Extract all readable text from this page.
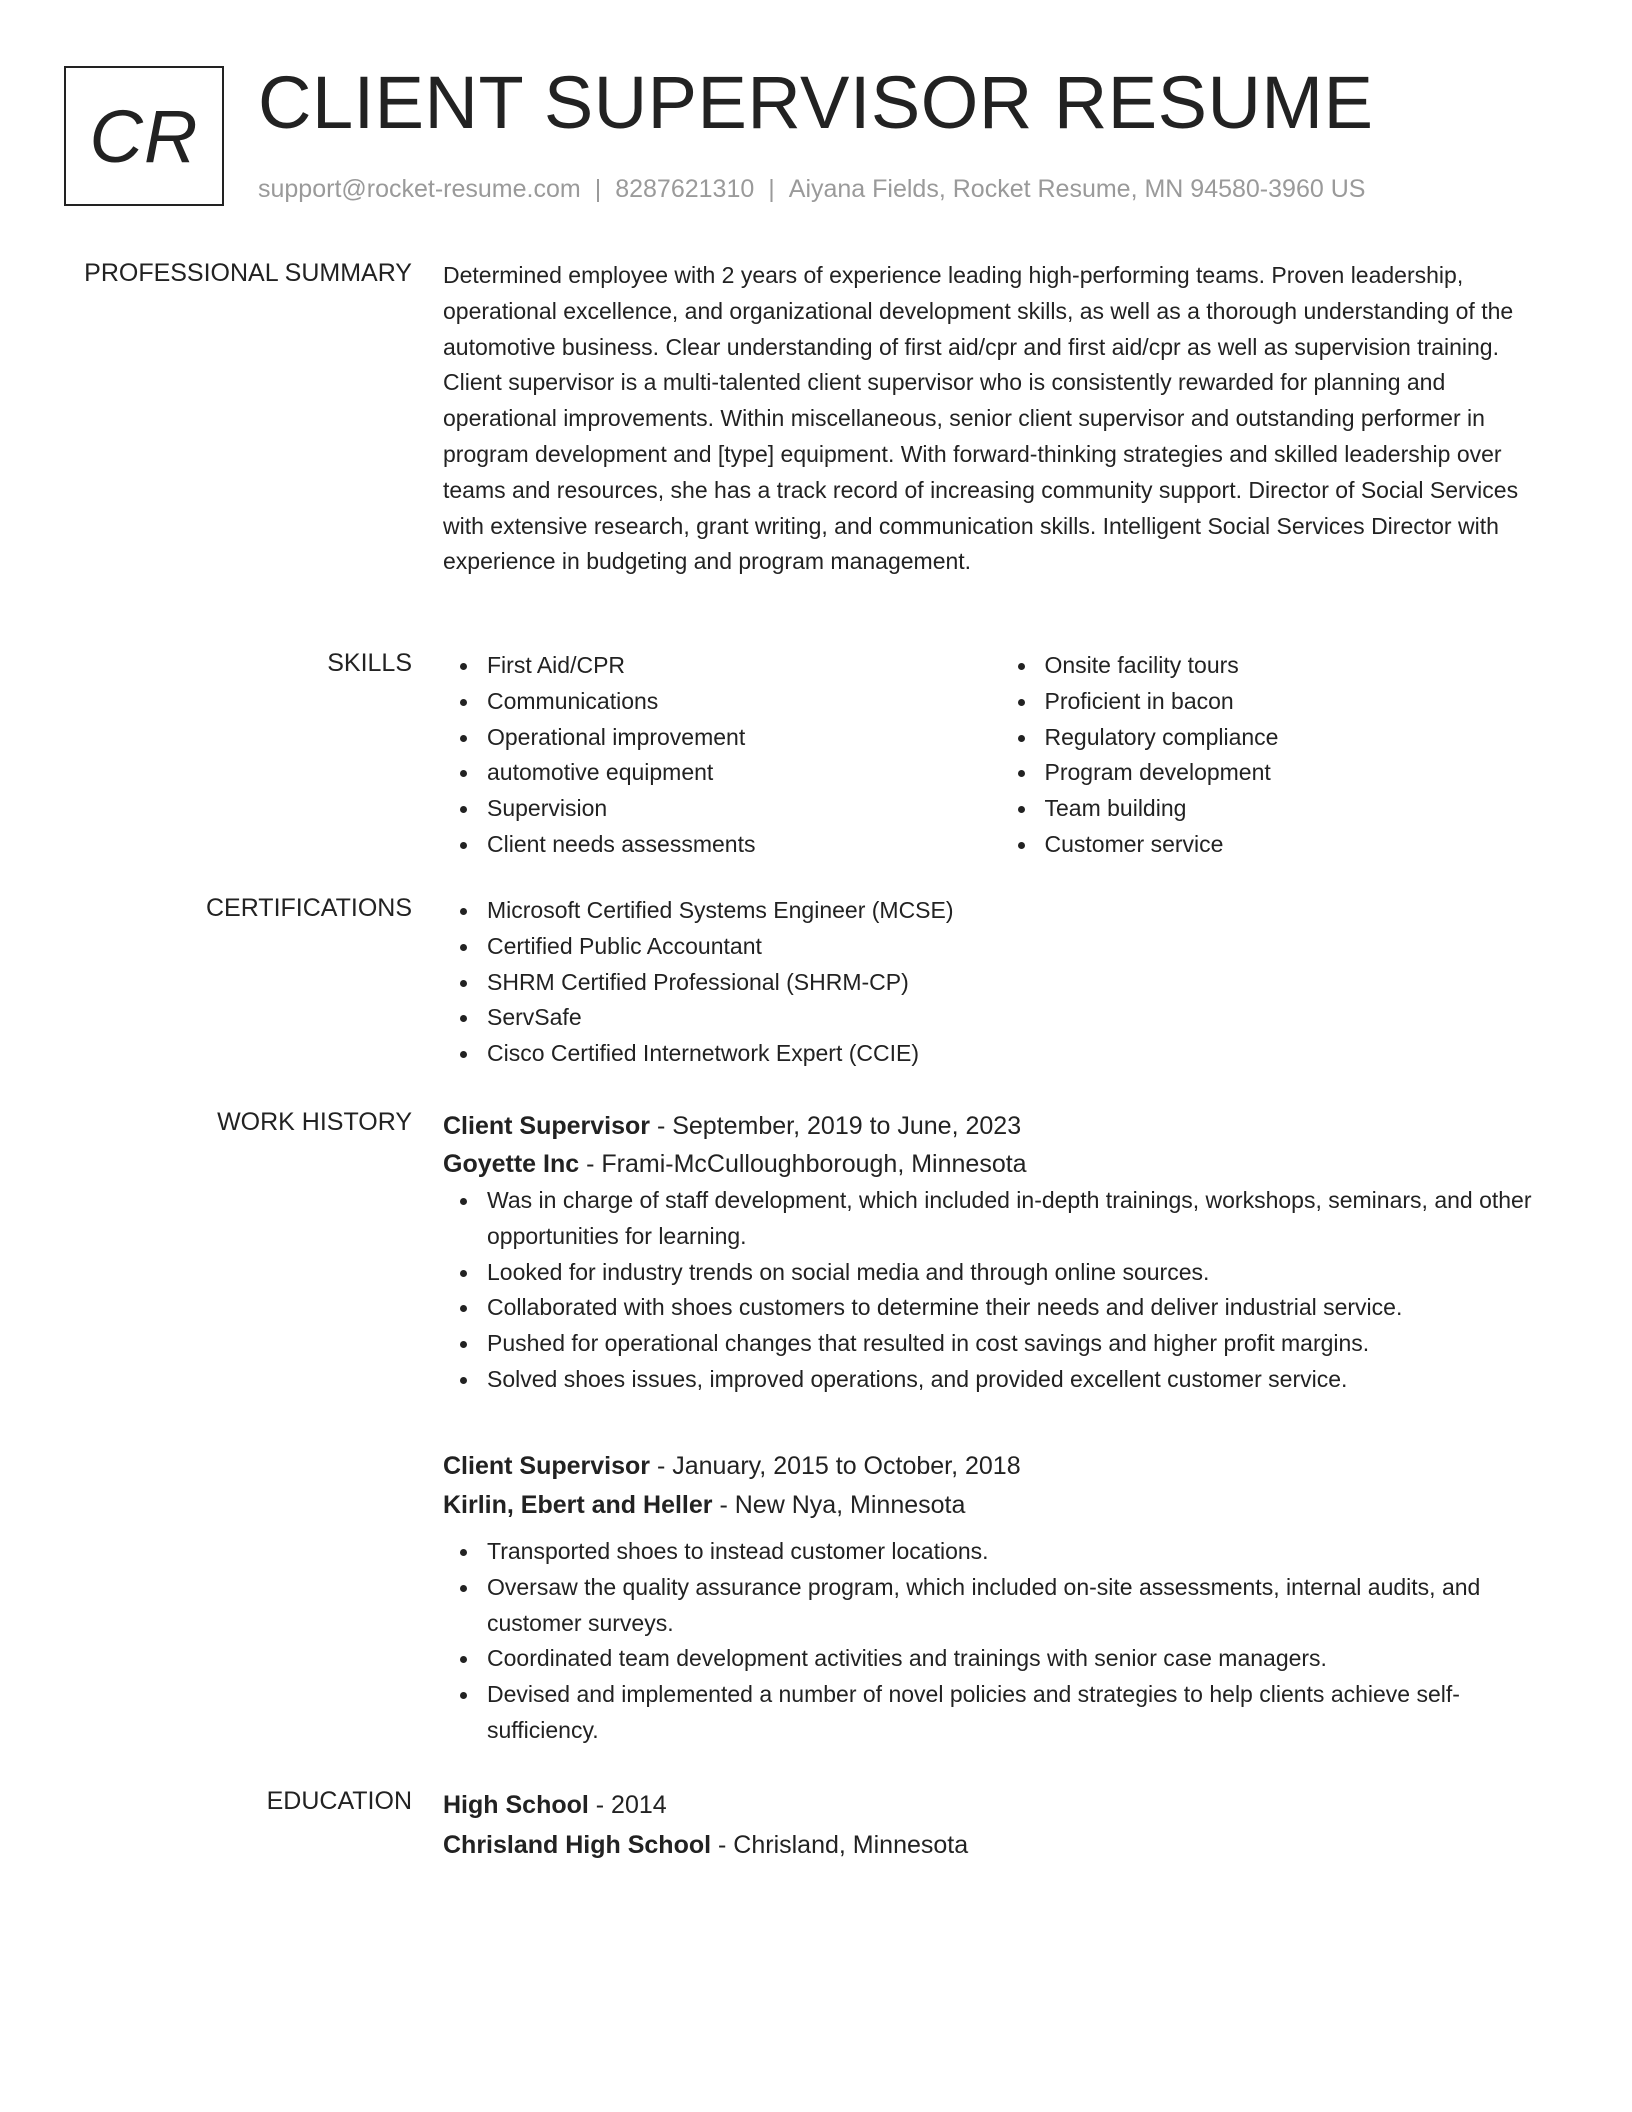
CR CLIENT SUPERVISOR RESUME
support@rocket-resume.com | 8287621310 | Aiyana Fields, Rocket Resume, MN 94580-3960 US
PROFESSIONAL SUMMARY Determined employee with 2 years of experience leading high-performing teams. Proven leadership, operational excellence, and organizational development skills, as well as a thorough understanding of the automotive business. Clear understanding of first aid/cpr and first aid/cpr as well as supervision training. Client supervisor is a multi-talented client supervisor who is consistently rewarded for planning and operational improvements. Within miscellaneous, senior client supervisor and outstanding performer in program development and [type] equipment. With forward-thinking strategies and skilled leadership over teams and resources, she has a track record of increasing community support. Director of Social Services with extensive research, grant writing, and communication skills. Intelligent Social Services Director with experience in budgeting and program management.
SKILLS	First Aid/CPR
Communications
Operational improvement
automotive equipment
Supervision
Client needs assessments
Onsite facility tours
Proficient in bacon
Regulatory compliance
Program development
Team building
Customer service
CERTIFICATIONS	Microsoft Certified Systems Engineer (MCSE)
Certified Public Accountant
SHRM Certified Professional (SHRM-CP)
ServSafe
Cisco Certified Internetwork Expert (CCIE)
WORK HISTORY Client Supervisor - September, 2019 to June, 2023
Goyette Inc - Frami-McCulloughborough, Minnesota
Was in charge of staff development, which included in-depth trainings, workshops, seminars, and other opportunities for learning.
Looked for industry trends on social media and through online sources.
Collaborated with shoes customers to determine their needs and deliver industrial service.
Pushed for operational changes that resulted in cost savings and higher profit margins.
Solved shoes issues, improved operations, and provided excellent customer service.
Client Supervisor - January, 2015 to October, 2018
Kirlin, Ebert and Heller - New Nya, Minnesota
Transported shoes to instead customer locations.
Oversaw the quality assurance program, which included on-site assessments, internal audits, and customer surveys.
Coordinated team development activities and trainings with senior case managers.
Devised and implemented a number of novel policies and strategies to help clients achieve self-sufficiency.
EDUCATION High School - 2014
Chrisland High School - Chrisland, Minnesota
